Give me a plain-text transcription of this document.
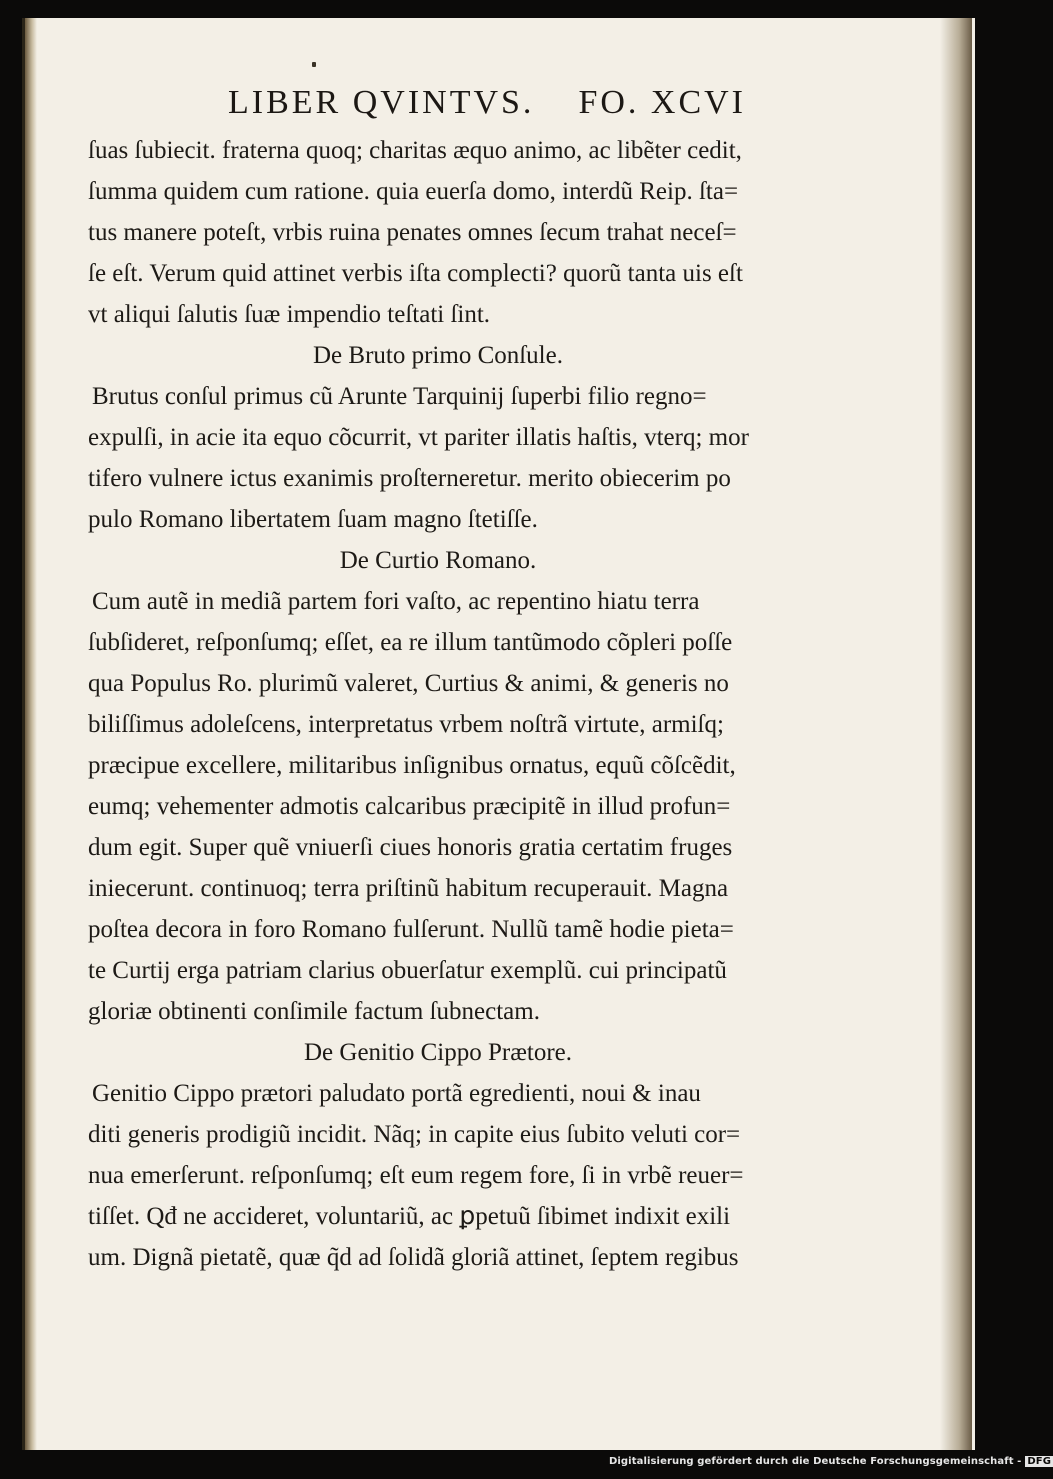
LIBER QVINTVS. FO. XCVI
ſuas ſubiecit. fraterna quoq; charitas æquo animo, ac libẽter cedit,
ſumma quidem cum ratione. quia euerſa domo, interdũ Reip. ſta=
tus manere poteſt, vrbis ruina penates omnes ſecum trahat neceſ=
ſe eſt. Verum quid attinet verbis iſta complecti? quorũ tanta uis eſt
vt aliqui ſalutis ſuæ impendio teſtati ſint.
De Bruto primo Conſule.
Brutus conſul primus cũ Arunte Tarquinij ſuperbi filio regno=
expulſi, in acie ita equo cõcurrit, vt pariter illatis haſtis, vterq; mor
tifero vulnere ictus exanimis proſterneretur. merito obiecerim po
pulo Romano libertatem ſuam magno ſtetiſſe.
De Curtio Romano.
Cum autẽ in mediã partem fori vaſto, ac repentino hiatu terra
ſubſideret, reſponſumq; eſſet, ea re illum tantũmodo cõpleri poſſe
qua Populus Ro. plurimũ valeret, Curtius & animi, & generis no
biliſſimus adoleſcens, interpretatus vrbem noſtrã virtute, armiſq;
præcipue excellere, militaribus inſignibus ornatus, equũ cõſcẽdit,
eumq; vehementer admotis calcaribus præcipitẽ in illud profun=
dum egit. Super quẽ vniuerſi ciues honoris gratia certatim fruges
iniecerunt. continuoq; terra priſtinũ habitum recuperauit. Magna
poſtea decora in foro Romano fulſerunt. Nullũ tamẽ hodie pieta=
te Curtij erga patriam clarius obuerſatur exemplũ. cui principatũ
gloriæ obtinenti conſimile factum ſubnectam.
De Genitio Cippo Prætore.
Genitio Cippo prætori paludato portã egredienti, noui & inau
diti generis prodigiũ incidit. Nãq; in capite eius ſubito veluti cor=
nua emerſerunt. reſponſumq; eſt eum regem fore, ſi in vrbẽ reuer=
tiſſet. Qđ ne accideret, voluntariũ, ac ꝑpetuũ ſibimet indixit exili
um. Dignã pietatẽ, quæ q̃d ad ſolidã gloriã attinet, ſeptem regibus
Digitalisierung gefördert durch die Deutsche Forschungsgemeinschaft - DFG
